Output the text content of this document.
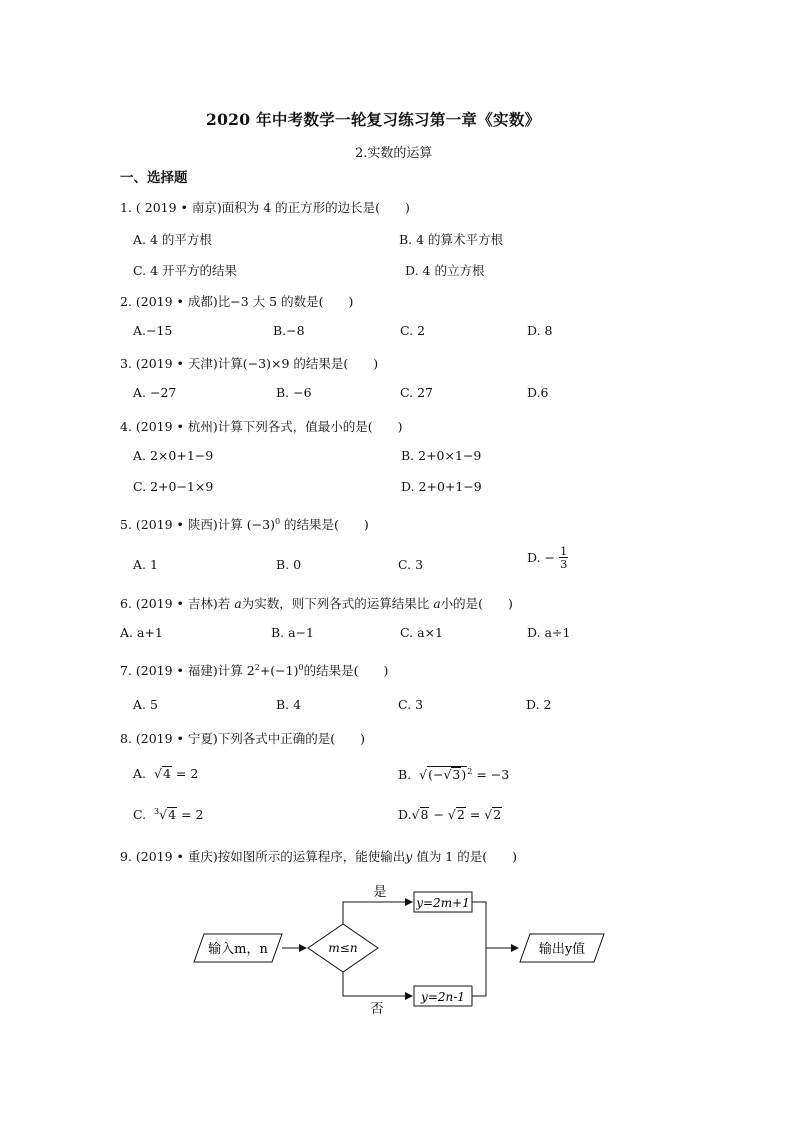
2020 年中考数学一轮复习练习第一章《实数》
2.实数的运算
一、选择题
1. ( 2019 • 南京)面积为 4 的正方形的边长是(　　)
A. 4 的平方根	B. 4 的算术平方根
C. 4 开平方的结果	D. 4 的立方根
2. (2019 • 成都)比−3 大 5 的数是(　　)
A.−15	B.−8	C. 2	D. 8
3. (2019 • 天津)计算(−3)×9 的结果是(　　)
A. −27	B. −6	C. 27	D.6
4. (2019 • 杭州)计算下列各式，值最小的是(　　)
A. 2×0+1−9	B. 2+0×1−9
C. 2+0−1×9	D. 2+0+1−9
5. (2019 • 陕西)计算 $(-3)^0$ 的结果是(　　)
A. 1	B. 0	C. 3	D. − $\frac{1}{3}$
6. (2019 • 吉林)若 a为实数，则下列各式的运算结果比 a小的是(　　)
A. a+1	B. a−1	C. a×1	D. a÷1
7. (2019 • 福建)计算 $2^2+(-1)^0$的结果是(　　)
A. 5	B. 4	C. 3	D. 2
8. (2019 • 宁夏)下列各式中正确的是(　　)
A.  √4 = 2	B.  $√(-√3)^2 = -3$
C. $^3$√4 = 2	D.√8 − √2 = √2
9. (2019 • 重庆)按如图所示的运算程序，能使输出y 值为 1 的是(　　)
输入m，n	m≤n
是
y=2m+1
否
y=2n-1
输出y值
